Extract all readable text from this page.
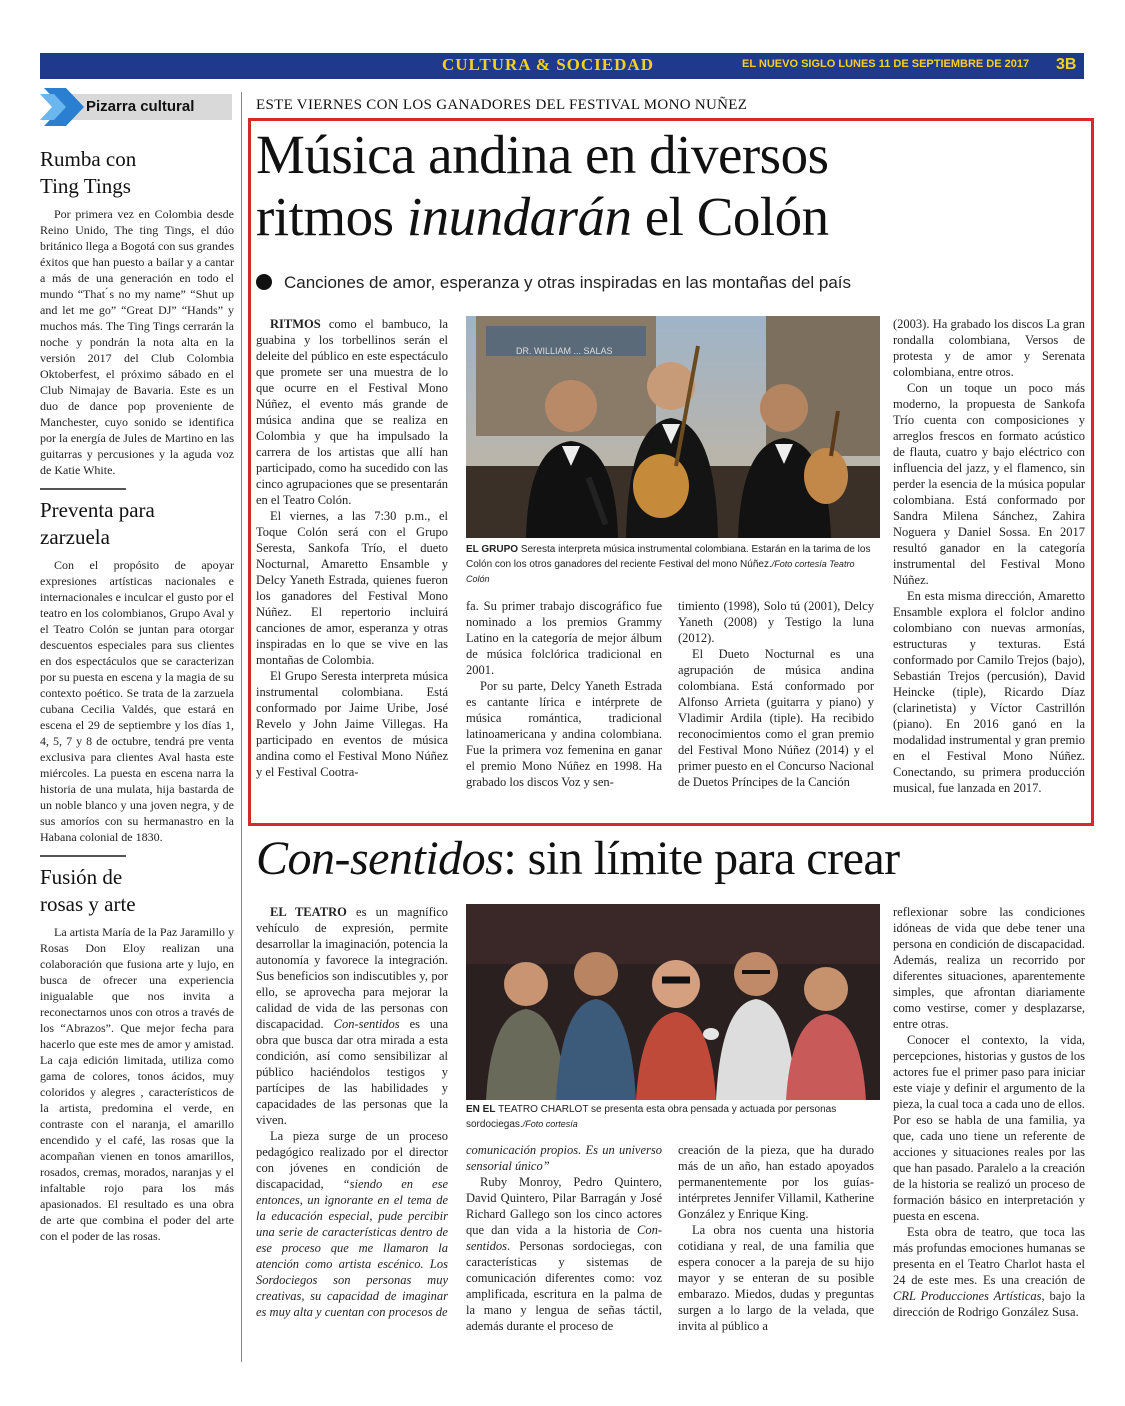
CULTURA & SOCIEDAD	EL NUEVO SIGLO LUNES 11 DE SEPTIEMBRE DE 2017 3B
Pizarra cultural	ESTE VIERNES CON LOS GANADORES DEL FESTIVAL MONO NUÑEZ
Rumba con Ting Tings
Por primera vez en Colombia desde Reino Unido, The ting Tings, el dúo británico llega a Bogotá con sus grandes éxitos que han puesto a bailar y a cantar a más de una generación en todo el mundo “That ́s no my name” “Shut up and let me go” “Great DJ” “Hands” y muchos más. The Ting Tings cerrarán la noche y pondrán la nota alta en la versión 2017 del Club Colombia Oktoberfest, el próximo sábado en el Club Nimajay de Bavaria. Este es un duo de dance pop proveniente de Manchester, cuyo sonido se identifica por la energía de Jules de Martino en las guitarras y percusiones y la aguda voz de Katie White.
Preventa para zarzuela
Con el propósito de apoyar expresiones artísticas nacionales e internacionales e inculcar el gusto por el teatro en los colombianos, Grupo Aval y el Teatro Colón se juntan para otorgar descuentos especiales para sus clientes en dos espectáculos que se caracterizan por su puesta en escena y la magia de su contexto poético. Se trata de la zarzuela cubana Cecilia Valdés, que estará en escena el 29 de septiembre y los días 1, 4, 5, 7 y 8 de octubre, tendrá pre venta exclusiva para clientes Aval hasta este miércoles. La puesta en escena narra la historia de una mulata, hija bastarda de un noble blanco y una joven negra, y de sus amoríos con su hermanastro en la Habana colonial de 1830.
Fusión de rosas y arte
La artista María de la Paz Jaramillo y Rosas Don Eloy realizan una colaboración que fusiona arte y lujo, en busca de ofrecer una experiencia inigualable que nos invita a reconectarnos unos con otros a través de los “Abrazos”. Que mejor fecha para hacerlo que este mes de amor y amistad. La caja edición limitada, utiliza como gama de colores, tonos ácidos, muy coloridos y alegres , característicos de la artista, predomina el verde, en contraste con el naranja, el amarillo encendido y el café, las rosas que la acompañan vienen en tonos amarillos, rosados, cremas, morados, naranjas y el infaltable rojo para los más apasionados. El resultado es una obra de arte que combina el poder del arte con el poder de las rosas.
Música andina en diversos
ritmos inundarán el Colón
Canciones de amor, esperanza y otras inspiradas en las montañas del país

RITMOS como el bambuco, la guabina y los torbellinos serán el deleite del público en este espectáculo que promete ser una muestra de lo que ocurre en el Festival Mono Núñez, el evento más grande de música andina que se realiza en Colombia y que ha impulsado la carrera de los artistas que allí han participado, como ha sucedido con las cinco agrupaciones que se presentarán en el Teatro Colón.

El viernes, a las 7:30 p.m., el Toque Colón será con el Grupo Seresta, Sankofa Trío, el dueto Nocturnal, Amaretto Ensamble y Delcy Yaneth Estrada, quienes fueron los ganadores del Festival Mono Núñez. El repertorio incluirá canciones de amor, esperanza y otras inspiradas en lo que se vive en las montañas de Colombia.

El Grupo Seresta interpreta música instrumental colombiana. Está conformado por Jaime Uribe, José Revelo y John Jaime Villegas. Ha participado en eventos de música andina como el Festival Mono Núñez y el Festival Cootra-

DR. WILLIAM ... SALAS
EL GRUPO Seresta interpreta música instrumental colombiana. Estarán en la tarima de los Colón con los otros ganadores del reciente Festival del mono Núñez./Foto cortesía Teatro Colón

fa. Su primer trabajo discográfico fue nominado a los premios Grammy Latino en la categoría de mejor álbum de música folclórica tradicional en 2001.

Por su parte, Delcy Yaneth Estrada es cantante lírica e intérprete de música romántica, tradicional latinoamericana y andina colombiana. Fue la primera voz femenina en ganar el premio Mono Núñez en 1998. Ha grabado los discos Voz y sen-

timiento (1998), Solo tú (2001), Delcy Yaneth (2008) y Testigo la luna (2012).

El Dueto Nocturnal es una agrupación de música andina colombiana. Está conformado por Alfonso Arrieta (guitarra y piano) y Vladimir Ardila (tiple). Ha recibido reconocimientos como el gran premio del Festival Mono Núñez (2014) y el primer puesto en el Concurso Nacional de Duetos Príncipes de la Canción

(2003). Ha grabado los discos La gran rondalla colombiana, Versos de protesta y de amor y Serenata colombiana, entre otros.

Con un toque un poco más moderno, la propuesta de Sankofa Trío cuenta con composiciones y arreglos frescos en formato acústico de flauta, cuatro y bajo eléctrico con influencia del jazz, y el flamenco, sin perder la esencia de la música popular colombiana. Está conformado por Sandra Milena Sánchez, Zahira Noguera y Daniel Sossa. En 2017 resultó ganador en la categoría instrumental del Festival Mono Núñez.

En esta misma dirección, Amaretto Ensamble explora el folclor andino colombiano con nuevas armonías, estructuras y texturas. Está conformado por Camilo Trejos (bajo), Sebastián Trejos (percusión), David Heincke (tiple), Ricardo Díaz (clarinetista) y Víctor Castrillón (piano). En 2016 ganó en la modalidad instrumental y gran premio en el Festival Mono Núñez. Conectando, su primera producción musical, fue lanzada en 2017.

Con-sentidos: sin límite para crear

EL TEATRO es un magnífico vehículo de expresión, permite desarrollar la imaginación, potencia la autonomía y favorece la integración. Sus beneficios son indiscutibles y, por ello, se aprovecha para mejorar la calidad de vida de las personas con discapacidad. Con-sentidos es una obra que busca dar otra mirada a esta condición, así como sensibilizar al público haciéndolos testigos y partícipes de las habilidades y capacidades de las personas que la viven.

La pieza surge de un proceso pedagógico realizado por el director con jóvenes en condición de discapacidad, “siendo en ese entonces, un ignorante en el tema de la educación especial, pude percibir una serie de características dentro de ese proceso que me llamaron la atención como artista escénico. Los Sordociegos son personas muy creativas, su capacidad de imaginar es muy alta y cuentan con procesos de

EN EL TEATRO CHARLOT se presenta esta obra pensada y actuada por personas sordociegas./Foto cortesía

comunicación propios. Es un universo sensorial único”

Ruby Monroy, Pedro Quintero, David Quintero, Pilar Barragán y José Richard Gallego son los cinco actores que dan vida a la historia de Con-sentidos. Personas sordociegas, con características y sistemas de comunicación diferentes como: voz amplificada, escritura en la palma de la mano y lengua de señas táctil, además durante el proceso de

creación de la pieza, que ha durado más de un año, han estado apoyados permanentemente por los guías-intérpretes Jennifer Villamil, Katherine González y Enrique King.

La obra nos cuenta una historia cotidiana y real, de una familia que espera conocer a la pareja de su hijo mayor y se enteran de su posible embarazo. Miedos, dudas y preguntas surgen a lo largo de la velada, que invita al público a

reflexionar sobre las condiciones idóneas de vida que debe tener una persona en condición de discapacidad. Además, realiza un recorrido por diferentes situaciones, aparentemente simples, que afrontan diariamente como vestirse, comer y desplazarse, entre otras.

Conocer el contexto, la vida, percepciones, historias y gustos de los actores fue el primer paso para iniciar este viaje y definir el argumento de la pieza, la cual toca a cada uno de ellos. Por eso se habla de una familia, ya que, cada uno tiene un referente de acciones y situaciones reales por las que han pasado. Paralelo a la creación de la historia se realizó un proceso de formación básico en interpretación y puesta en escena.

Esta obra de teatro, que toca las más profundas emociones humanas se presenta en el Teatro Charlot hasta el 24 de este mes. Es una creación de CRL Producciones Artísticas, bajo la dirección de Rodrigo González Susa.
